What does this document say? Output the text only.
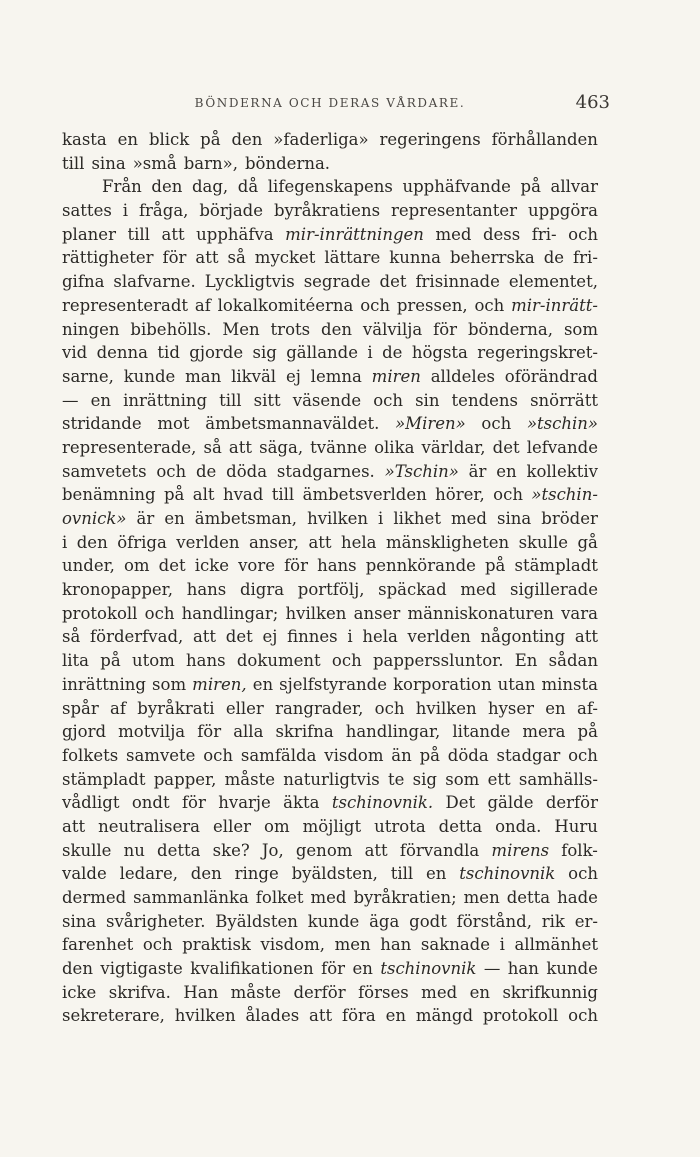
BÖNDERNA OCH DERAS VÅRDARE.	463
kasta en blick på den »faderliga» regeringens förhållanden
till sina »små barn», bönderna.
Från den dag, då lifegenskapens upphäfvande på allvar
sattes i fråga, började byråkratiens representanter uppgöra
planer till att upphäfva mir-inrättningen med dess fri- och
rättigheter för att så mycket lättare kunna beherrska de fri-
gifna slafvarne. Lyckligtvis segrade det frisinnade elementet,
representeradt af lokalkomitéerna och pressen, och mir-inrätt-
ningen bibehölls. Men trots den välvilja för bönderna, som
vid denna tid gjorde sig gällande i de högsta regeringskret-
sarne, kunde man likväl ej lemna miren alldeles oförändrad
— en inrättning till sitt väsende och sin tendens snörrätt
stridande mot ämbetsmannaväldet. »Miren» och »tschin»
representerade, så att säga, tvänne olika världar, det lefvande
samvetets och de döda stadgarnes. »Tschin» är en kollektiv
benämning på alt hvad till ämbetsverlden hörer, och »tschin-
ovnick» är en ämbetsman, hvilken i likhet med sina bröder
i den öfriga verlden anser, att hela mänskligheten skulle gå
under, om det icke vore för hans pennkörande på stämpladt
kronopapper, hans digra portfölj, späckad med sigillerade
protokoll och handlingar; hvilken anser människonaturen vara
så förderfvad, att det ej finnes i hela verlden någonting att
lita på utom hans dokument och papperssluntor. En sådan
inrättning som miren, en sjelfstyrande korporation utan minsta
spår af byråkrati eller rangrader, och hvilken hyser en af-
gjord motvilja för alla skrifna handlingar, litande mera på
folkets samvete och samfälda visdom än på döda stadgar och
stämpladt papper, måste naturligtvis te sig som ett samhälls-
vådligt ondt för hvarje äkta tschinovnik. Det gälde derför
att neutralisera eller om möjligt utrota detta onda. Huru
skulle nu detta ske? Jo, genom att förvandla mirens folk-
valde ledare, den ringe byäldsten, till en tschinovnik och
dermed sammanlänka folket med byråkratien; men detta hade
sina svårigheter. Byäldsten kunde äga godt förstånd, rik er-
farenhet och praktisk visdom, men han saknade i allmänhet
den vigtigaste kvalifikationen för en tschinovnik — han kunde
icke skrifva. Han måste derför förses med en skrifkunnig
sekreterare, hvilken ålades att föra en mängd protokoll och
